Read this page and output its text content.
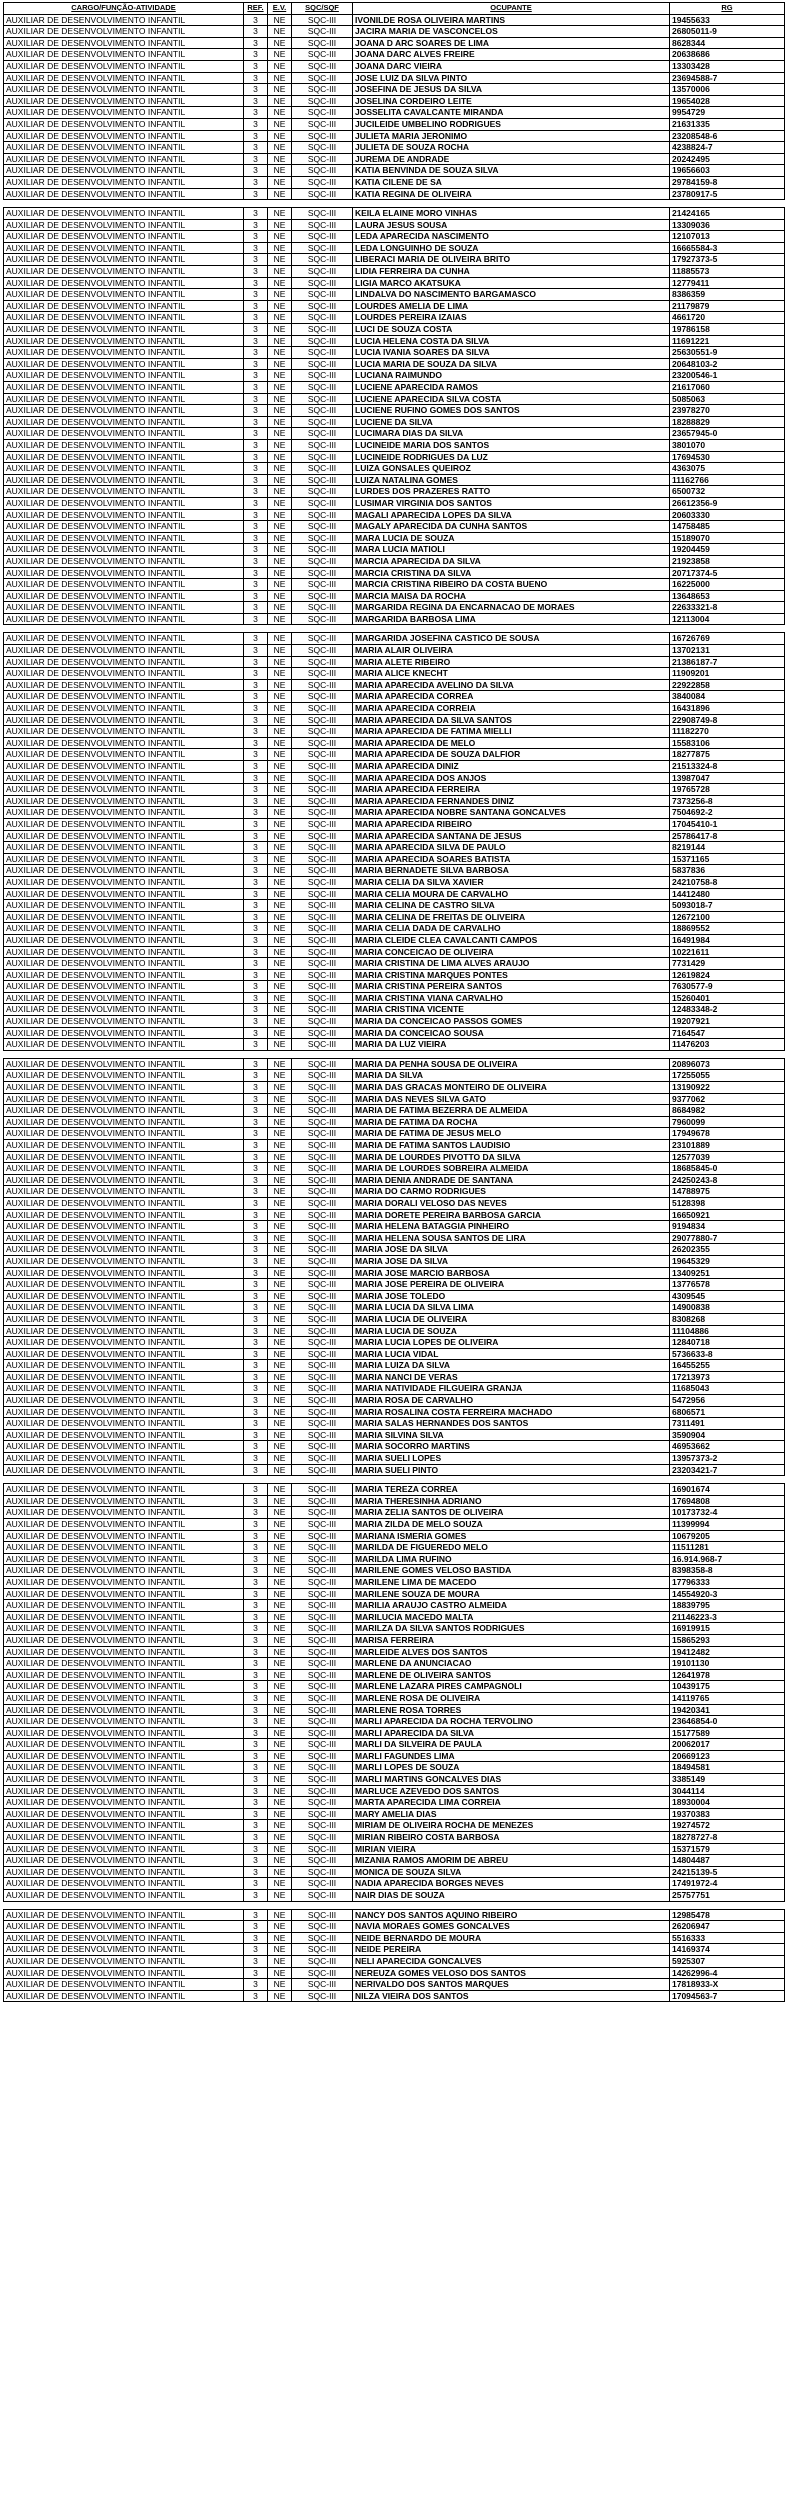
CARGO/FUNÇÃO-ATIVIDADE	REF.	E.V.	SQC/SQF	OCUPANTE	RG
AUXILIAR DE DESENVOLVIMENTO INFANTIL	3	NE	SQC-III	IVONILDE ROSA OLIVEIRA MARTINS	19455633
AUXILIAR DE DESENVOLVIMENTO INFANTIL	3	NE	SQC-III	JACIRA MARIA DE VASCONCELOS	26805011-9
AUXILIAR DE DESENVOLVIMENTO INFANTIL	3	NE	SQC-III	JOANA D ARC SOARES DE LIMA	8628344
AUXILIAR DE DESENVOLVIMENTO INFANTIL	3	NE	SQC-III	JOANA DARC ALVES FREIRE	20638686
AUXILIAR DE DESENVOLVIMENTO INFANTIL	3	NE	SQC-III	JOANA DARC VIEIRA	13303428
AUXILIAR DE DESENVOLVIMENTO INFANTIL	3	NE	SQC-III	JOSE LUIZ DA SILVA PINTO	23694588-7
AUXILIAR DE DESENVOLVIMENTO INFANTIL	3	NE	SQC-III	JOSEFINA DE JESUS DA SILVA	13570006
AUXILIAR DE DESENVOLVIMENTO INFANTIL	3	NE	SQC-III	JOSELINA CORDEIRO LEITE	19654028
AUXILIAR DE DESENVOLVIMENTO INFANTIL	3	NE	SQC-III	JOSSELITA CAVALCANTE MIRANDA	9954729
AUXILIAR DE DESENVOLVIMENTO INFANTIL	3	NE	SQC-III	JUCILEIDE UMBELINO RODRIGUES	21631335
AUXILIAR DE DESENVOLVIMENTO INFANTIL	3	NE	SQC-III	JULIETA MARIA JERONIMO	23208548-6
AUXILIAR DE DESENVOLVIMENTO INFANTIL	3	NE	SQC-III	JULIETA DE SOUZA ROCHA	4238824-7
AUXILIAR DE DESENVOLVIMENTO INFANTIL	3	NE	SQC-III	JUREMA DE ANDRADE	20242495
AUXILIAR DE DESENVOLVIMENTO INFANTIL	3	NE	SQC-III	KATIA BENVINDA DE SOUZA SILVA	19656603
AUXILIAR DE DESENVOLVIMENTO INFANTIL	3	NE	SQC-III	KATIA CILENE DE SA	29784159-8
AUXILIAR DE DESENVOLVIMENTO INFANTIL	3	NE	SQC-III	KATIA REGINA DE OLIVEIRA	23780917-5

AUXILIAR DE DESENVOLVIMENTO INFANTIL	3	NE	SQC-III	KEILA ELAINE MORO VINHAS	21424165
AUXILIAR DE DESENVOLVIMENTO INFANTIL	3	NE	SQC-III	LAURA JESUS SOUSA	13309036
AUXILIAR DE DESENVOLVIMENTO INFANTIL	3	NE	SQC-III	LEDA APARECIDA NASCIMENTO	12107013
AUXILIAR DE DESENVOLVIMENTO INFANTIL	3	NE	SQC-III	LEDA LONGUINHO DE SOUZA	16665584-3
AUXILIAR DE DESENVOLVIMENTO INFANTIL	3	NE	SQC-III	LIBERACI MARIA DE OLIVEIRA BRITO	17927373-5
AUXILIAR DE DESENVOLVIMENTO INFANTIL	3	NE	SQC-III	LIDIA FERREIRA DA CUNHA	11885573
AUXILIAR DE DESENVOLVIMENTO INFANTIL	3	NE	SQC-III	LIGIA MARCO AKATSUKA	12779411
AUXILIAR DE DESENVOLVIMENTO INFANTIL	3	NE	SQC-III	LINDALVA DO NASCIMENTO BARGAMASCO	8386359
AUXILIAR DE DESENVOLVIMENTO INFANTIL	3	NE	SQC-III	LOURDES AMELIA DE LIMA	21179879
AUXILIAR DE DESENVOLVIMENTO INFANTIL	3	NE	SQC-III	LOURDES PEREIRA IZAIAS	4661720
AUXILIAR DE DESENVOLVIMENTO INFANTIL	3	NE	SQC-III	LUCI DE SOUZA COSTA	19786158
AUXILIAR DE DESENVOLVIMENTO INFANTIL	3	NE	SQC-III	LUCIA HELENA COSTA DA SILVA	11691221
AUXILIAR DE DESENVOLVIMENTO INFANTIL	3	NE	SQC-III	LUCIA IVANIA SOARES DA SILVA	25630551-9
AUXILIAR DE DESENVOLVIMENTO INFANTIL	3	NE	SQC-III	LUCIA MARIA DE SOUZA DA SILVA	20648103-2
AUXILIAR DE DESENVOLVIMENTO INFANTIL	3	NE	SQC-III	LUCIANA RAIMUNDO	23200546-1
AUXILIAR DE DESENVOLVIMENTO INFANTIL	3	NE	SQC-III	LUCIENE APARECIDA RAMOS	21617060
AUXILIAR DE DESENVOLVIMENTO INFANTIL	3	NE	SQC-III	LUCIENE APARECIDA SILVA COSTA	5085063
AUXILIAR DE DESENVOLVIMENTO INFANTIL	3	NE	SQC-III	LUCIENE RUFINO GOMES DOS SANTOS	23978270
AUXILIAR DE DESENVOLVIMENTO INFANTIL	3	NE	SQC-III	LUCIENE DA SILVA	18288829
AUXILIAR DE DESENVOLVIMENTO INFANTIL	3	NE	SQC-III	LUCIMARA DIAS DA SILVA	23657945-0
AUXILIAR DE DESENVOLVIMENTO INFANTIL	3	NE	SQC-III	LUCINEIDE MARIA DOS SANTOS	3801070
AUXILIAR DE DESENVOLVIMENTO INFANTIL	3	NE	SQC-III	LUCINEIDE RODRIGUES DA LUZ	17694530
AUXILIAR DE DESENVOLVIMENTO INFANTIL	3	NE	SQC-III	LUIZA GONSALES QUEIROZ	4363075
AUXILIAR DE DESENVOLVIMENTO INFANTIL	3	NE	SQC-III	LUIZA NATALINA GOMES	11162766
AUXILIAR DE DESENVOLVIMENTO INFANTIL	3	NE	SQC-III	LURDES DOS PRAZERES RATTO	6500732
AUXILIAR DE DESENVOLVIMENTO INFANTIL	3	NE	SQC-III	LUSIMAR VIRGINIA DOS SANTOS	26612356-9
AUXILIAR DE DESENVOLVIMENTO INFANTIL	3	NE	SQC-III	MAGALI APARECIDA LOPES DA SILVA	20603330
AUXILIAR DE DESENVOLVIMENTO INFANTIL	3	NE	SQC-III	MAGALY APARECIDA DA CUNHA SANTOS	14758485
AUXILIAR DE DESENVOLVIMENTO INFANTIL	3	NE	SQC-III	MARA LUCIA DE SOUZA	15189070
AUXILIAR DE DESENVOLVIMENTO INFANTIL	3	NE	SQC-III	MARA LUCIA MATIOLI	19204459
AUXILIAR DE DESENVOLVIMENTO INFANTIL	3	NE	SQC-III	MARCIA APARECIDA DA SILVA	21923858
AUXILIAR DE DESENVOLVIMENTO INFANTIL	3	NE	SQC-III	MARCIA CRISTINA DA SILVA	20717374-5
AUXILIAR DE DESENVOLVIMENTO INFANTIL	3	NE	SQC-III	MARCIA CRISTINA RIBEIRO DA COSTA BUENO	16225000
AUXILIAR DE DESENVOLVIMENTO INFANTIL	3	NE	SQC-III	MARCIA MAISA DA ROCHA	13648653
AUXILIAR DE DESENVOLVIMENTO INFANTIL	3	NE	SQC-III	MARGARIDA REGINA DA ENCARNACAO DE MORAES	22633321-8
AUXILIAR DE DESENVOLVIMENTO INFANTIL	3	NE	SQC-III	MARGARIDA BARBOSA LIMA	12113004

AUXILIAR DE DESENVOLVIMENTO INFANTIL	3	NE	SQC-III	MARGARIDA JOSEFINA CASTICO DE SOUSA	16726769
AUXILIAR DE DESENVOLVIMENTO INFANTIL	3	NE	SQC-III	MARIA ALAIR OLIVEIRA	13702131
AUXILIAR DE DESENVOLVIMENTO INFANTIL	3	NE	SQC-III	MARIA ALETE RIBEIRO	21386187-7
AUXILIAR DE DESENVOLVIMENTO INFANTIL	3	NE	SQC-III	MARIA ALICE KNECHT	11909201
AUXILIAR DE DESENVOLVIMENTO INFANTIL	3	NE	SQC-III	MARIA APARECIDA AVELINO DA SILVA	22922858
AUXILIAR DE DESENVOLVIMENTO INFANTIL	3	NE	SQC-III	MARIA APARECIDA CORREA	3840084
AUXILIAR DE DESENVOLVIMENTO INFANTIL	3	NE	SQC-III	MARIA APARECIDA CORREIA	16431896
AUXILIAR DE DESENVOLVIMENTO INFANTIL	3	NE	SQC-III	MARIA APARECIDA DA SILVA SANTOS	22908749-8
AUXILIAR DE DESENVOLVIMENTO INFANTIL	3	NE	SQC-III	MARIA APARECIDA DE FATIMA MIELLI	11182270
AUXILIAR DE DESENVOLVIMENTO INFANTIL	3	NE	SQC-III	MARIA APARECIDA DE MELO	15583106
AUXILIAR DE DESENVOLVIMENTO INFANTIL	3	NE	SQC-III	MARIA APARECIDA DE SOUZA DALFIOR	18277875
AUXILIAR DE DESENVOLVIMENTO INFANTIL	3	NE	SQC-III	MARIA APARECIDA DINIZ	21513324-8
AUXILIAR DE DESENVOLVIMENTO INFANTIL	3	NE	SQC-III	MARIA APARECIDA DOS ANJOS	13987047
AUXILIAR DE DESENVOLVIMENTO INFANTIL	3	NE	SQC-III	MARIA APARECIDA FERREIRA	19765728
AUXILIAR DE DESENVOLVIMENTO INFANTIL	3	NE	SQC-III	MARIA APARECIDA FERNANDES DINIZ	7373256-8
AUXILIAR DE DESENVOLVIMENTO INFANTIL	3	NE	SQC-III	MARIA APARECIDA NOBRE SANTANA GONCALVES	7504692-2
AUXILIAR DE DESENVOLVIMENTO INFANTIL	3	NE	SQC-III	MARIA APARECIDA RIBEIRO	17045410-1
AUXILIAR DE DESENVOLVIMENTO INFANTIL	3	NE	SQC-III	MARIA APARECIDA SANTANA DE JESUS	25786417-8
AUXILIAR DE DESENVOLVIMENTO INFANTIL	3	NE	SQC-III	MARIA APARECIDA SILVA DE PAULO	8219144
AUXILIAR DE DESENVOLVIMENTO INFANTIL	3	NE	SQC-III	MARIA APARECIDA SOARES BATISTA	15371165
AUXILIAR DE DESENVOLVIMENTO INFANTIL	3	NE	SQC-III	MARIA BERNADETE SILVA BARBOSA	5837836
AUXILIAR DE DESENVOLVIMENTO INFANTIL	3	NE	SQC-III	MARIA CELIA DA SILVA XAVIER	24210758-8
AUXILIAR DE DESENVOLVIMENTO INFANTIL	3	NE	SQC-III	MARIA CELIA MOURA DE CARVALHO	14412480
AUXILIAR DE DESENVOLVIMENTO INFANTIL	3	NE	SQC-III	MARIA CELINA DE CASTRO SILVA	5093018-7
AUXILIAR DE DESENVOLVIMENTO INFANTIL	3	NE	SQC-III	MARIA CELINA DE FREITAS DE OLIVEIRA	12672100
AUXILIAR DE DESENVOLVIMENTO INFANTIL	3	NE	SQC-III	MARIA CELIA DADA DE CARVALHO	18869552
AUXILIAR DE DESENVOLVIMENTO INFANTIL	3	NE	SQC-III	MARIA CLEIDE CLEA CAVALCANTI CAMPOS	16491984
AUXILIAR DE DESENVOLVIMENTO INFANTIL	3	NE	SQC-III	MARIA CONCEICAO DE OLIVEIRA	10221611
AUXILIAR DE DESENVOLVIMENTO INFANTIL	3	NE	SQC-III	MARIA CRISTINA DE LIMA ALVES ARAUJO	7731429
AUXILIAR DE DESENVOLVIMENTO INFANTIL	3	NE	SQC-III	MARIA CRISTINA MARQUES PONTES	12619824
AUXILIAR DE DESENVOLVIMENTO INFANTIL	3	NE	SQC-III	MARIA CRISTINA PEREIRA SANTOS	7630577-9
AUXILIAR DE DESENVOLVIMENTO INFANTIL	3	NE	SQC-III	MARIA CRISTINA VIANA CARVALHO	15260401
AUXILIAR DE DESENVOLVIMENTO INFANTIL	3	NE	SQC-III	MARIA CRISTINA VICENTE	12483348-2
AUXILIAR DE DESENVOLVIMENTO INFANTIL	3	NE	SQC-III	MARIA DA CONCEICAO PASSOS GOMES	19207921
AUXILIAR DE DESENVOLVIMENTO INFANTIL	3	NE	SQC-III	MARIA DA CONCEICAO SOUSA	7164547
AUXILIAR DE DESENVOLVIMENTO INFANTIL	3	NE	SQC-III	MARIA DA LUZ VIEIRA	11476203

AUXILIAR DE DESENVOLVIMENTO INFANTIL	3	NE	SQC-III	MARIA DA PENHA SOUSA DE OLIVEIRA	20896073
AUXILIAR DE DESENVOLVIMENTO INFANTIL	3	NE	SQC-III	MARIA DA SILVA	17255055
AUXILIAR DE DESENVOLVIMENTO INFANTIL	3	NE	SQC-III	MARIA DAS GRACAS MONTEIRO DE OLIVEIRA	13190922
AUXILIAR DE DESENVOLVIMENTO INFANTIL	3	NE	SQC-III	MARIA DAS NEVES SILVA GATO	9377062
AUXILIAR DE DESENVOLVIMENTO INFANTIL	3	NE	SQC-III	MARIA DE FATIMA BEZERRA DE ALMEIDA	8684982
AUXILIAR DE DESENVOLVIMENTO INFANTIL	3	NE	SQC-III	MARIA DE FATIMA DA ROCHA	7960099
AUXILIAR DE DESENVOLVIMENTO INFANTIL	3	NE	SQC-III	MARIA DE FATIMA DE JESUS MELO	17949678
AUXILIAR DE DESENVOLVIMENTO INFANTIL	3	NE	SQC-III	MARIA DE FATIMA SANTOS LAUDISIO	23101889
AUXILIAR DE DESENVOLVIMENTO INFANTIL	3	NE	SQC-III	MARIA DE LOURDES PIVOTTO DA SILVA	12577039
AUXILIAR DE DESENVOLVIMENTO INFANTIL	3	NE	SQC-III	MARIA DE LOURDES SOBREIRA ALMEIDA	18685845-0
AUXILIAR DE DESENVOLVIMENTO INFANTIL	3	NE	SQC-III	MARIA DENIA ANDRADE DE SANTANA	24250243-8
AUXILIAR DE DESENVOLVIMENTO INFANTIL	3	NE	SQC-III	MARIA DO CARMO RODRIGUES	14788975
AUXILIAR DE DESENVOLVIMENTO INFANTIL	3	NE	SQC-III	MARIA DORALI VELOSO DAS NEVES	5128398
AUXILIAR DE DESENVOLVIMENTO INFANTIL	3	NE	SQC-III	MARIA DORETE PEREIRA BARBOSA GARCIA	16650921
AUXILIAR DE DESENVOLVIMENTO INFANTIL	3	NE	SQC-III	MARIA HELENA BATAGGIA PINHEIRO	9194834
AUXILIAR DE DESENVOLVIMENTO INFANTIL	3	NE	SQC-III	MARIA HELENA SOUSA SANTOS DE LIRA	29077880-7
AUXILIAR DE DESENVOLVIMENTO INFANTIL	3	NE	SQC-III	MARIA JOSE DA SILVA	26202355
AUXILIAR DE DESENVOLVIMENTO INFANTIL	3	NE	SQC-III	MARIA JOSE DA SILVA	19645329
AUXILIAR DE DESENVOLVIMENTO INFANTIL	3	NE	SQC-III	MARIA JOSE MARCIO BARBOSA	13409251
AUXILIAR DE DESENVOLVIMENTO INFANTIL	3	NE	SQC-III	MARIA JOSE PEREIRA DE OLIVEIRA	13776578
AUXILIAR DE DESENVOLVIMENTO INFANTIL	3	NE	SQC-III	MARIA JOSE TOLEDO	4309545
AUXILIAR DE DESENVOLVIMENTO INFANTIL	3	NE	SQC-III	MARIA LUCIA DA SILVA LIMA	14900838
AUXILIAR DE DESENVOLVIMENTO INFANTIL	3	NE	SQC-III	MARIA LUCIA DE OLIVEIRA	8308268
AUXILIAR DE DESENVOLVIMENTO INFANTIL	3	NE	SQC-III	MARIA LUCIA DE SOUZA	11104886
AUXILIAR DE DESENVOLVIMENTO INFANTIL	3	NE	SQC-III	MARIA LUCIA LOPES DE OLIVEIRA	12840718
AUXILIAR DE DESENVOLVIMENTO INFANTIL	3	NE	SQC-III	MARIA LUCIA VIDAL	5736633-8
AUXILIAR DE DESENVOLVIMENTO INFANTIL	3	NE	SQC-III	MARIA LUIZA DA SILVA	16455255
AUXILIAR DE DESENVOLVIMENTO INFANTIL	3	NE	SQC-III	MARIA NANCI DE VERAS	17213973
AUXILIAR DE DESENVOLVIMENTO INFANTIL	3	NE	SQC-III	MARIA NATIVIDADE FILGUEIRA GRANJA	11685043
AUXILIAR DE DESENVOLVIMENTO INFANTIL	3	NE	SQC-III	MARIA ROSA DE CARVALHO	5472956
AUXILIAR DE DESENVOLVIMENTO INFANTIL	3	NE	SQC-III	MARIA ROSALINA COSTA FERREIRA MACHADO	6806571
AUXILIAR DE DESENVOLVIMENTO INFANTIL	3	NE	SQC-III	MARIA SALAS HERNANDES DOS SANTOS	7311491
AUXILIAR DE DESENVOLVIMENTO INFANTIL	3	NE	SQC-III	MARIA SILVINA SILVA	3590904
AUXILIAR DE DESENVOLVIMENTO INFANTIL	3	NE	SQC-III	MARIA SOCORRO MARTINS	46953662
AUXILIAR DE DESENVOLVIMENTO INFANTIL	3	NE	SQC-III	MARIA SUELI LOPES	13957373-2
AUXILIAR DE DESENVOLVIMENTO INFANTIL	3	NE	SQC-III	MARIA SUELI PINTO	23203421-7

AUXILIAR DE DESENVOLVIMENTO INFANTIL	3	NE	SQC-III	MARIA TEREZA CORREA	16901674
AUXILIAR DE DESENVOLVIMENTO INFANTIL	3	NE	SQC-III	MARIA THERESINHA ADRIANO	17694808
AUXILIAR DE DESENVOLVIMENTO INFANTIL	3	NE	SQC-III	MARIA ZELIA SANTOS DE OLIVEIRA	10173732-4
AUXILIAR DE DESENVOLVIMENTO INFANTIL	3	NE	SQC-III	MARIA ZILDA DE MELO SOUZA	11399994
AUXILIAR DE DESENVOLVIMENTO INFANTIL	3	NE	SQC-III	MARIANA ISMERIA GOMES	10679205
AUXILIAR DE DESENVOLVIMENTO INFANTIL	3	NE	SQC-III	MARILDA DE FIGUEREDO MELO	11511281
AUXILIAR DE DESENVOLVIMENTO INFANTIL	3	NE	SQC-III	MARILDA LIMA RUFINO	16.914.968-7
AUXILIAR DE DESENVOLVIMENTO INFANTIL	3	NE	SQC-III	MARILENE GOMES VELOSO BASTIDA	8398358-8
AUXILIAR DE DESENVOLVIMENTO INFANTIL	3	NE	SQC-III	MARILENE LIMA DE MACEDO	17796333
AUXILIAR DE DESENVOLVIMENTO INFANTIL	3	NE	SQC-III	MARILENE SOUZA DE MOURA	14554920-3
AUXILIAR DE DESENVOLVIMENTO INFANTIL	3	NE	SQC-III	MARILIA ARAUJO CASTRO ALMEIDA	18839795
AUXILIAR DE DESENVOLVIMENTO INFANTIL	3	NE	SQC-III	MARILUCIA MACEDO MALTA	21146223-3
AUXILIAR DE DESENVOLVIMENTO INFANTIL	3	NE	SQC-III	MARILZA DA SILVA SANTOS RODRIGUES	16919915
AUXILIAR DE DESENVOLVIMENTO INFANTIL	3	NE	SQC-III	MARISA FERREIRA	15865293
AUXILIAR DE DESENVOLVIMENTO INFANTIL	3	NE	SQC-III	MARLEIDE ALVES DOS SANTOS	19412482
AUXILIAR DE DESENVOLVIMENTO INFANTIL	3	NE	SQC-III	MARLENE DA ANUNCIACAO	19101130
AUXILIAR DE DESENVOLVIMENTO INFANTIL	3	NE	SQC-III	MARLENE DE OLIVEIRA SANTOS	12641978
AUXILIAR DE DESENVOLVIMENTO INFANTIL	3	NE	SQC-III	MARLENE LAZARA PIRES CAMPAGNOLI	10439175
AUXILIAR DE DESENVOLVIMENTO INFANTIL	3	NE	SQC-III	MARLENE ROSA DE OLIVEIRA	14119765
AUXILIAR DE DESENVOLVIMENTO INFANTIL	3	NE	SQC-III	MARLENE ROSA TORRES	19420341
AUXILIAR DE DESENVOLVIMENTO INFANTIL	3	NE	SQC-III	MARLI APARECIDA DA ROCHA TERVOLINO	23646854-0
AUXILIAR DE DESENVOLVIMENTO INFANTIL	3	NE	SQC-III	MARLI APARECIDA DA SILVA	15177589
AUXILIAR DE DESENVOLVIMENTO INFANTIL	3	NE	SQC-III	MARLI DA SILVEIRA DE PAULA	20062017
AUXILIAR DE DESENVOLVIMENTO INFANTIL	3	NE	SQC-III	MARLI FAGUNDES LIMA	20669123
AUXILIAR DE DESENVOLVIMENTO INFANTIL	3	NE	SQC-III	MARLI LOPES DE SOUZA	18494581
AUXILIAR DE DESENVOLVIMENTO INFANTIL	3	NE	SQC-III	MARLI MARTINS GONCALVES DIAS	3385149
AUXILIAR DE DESENVOLVIMENTO INFANTIL	3	NE	SQC-III	MARLUCE AZEVEDO DOS SANTOS	3044114
AUXILIAR DE DESENVOLVIMENTO INFANTIL	3	NE	SQC-III	MARTA APARECIDA LIMA CORREIA	18930004
AUXILIAR DE DESENVOLVIMENTO INFANTIL	3	NE	SQC-III	MARY AMELIA DIAS	19370383
AUXILIAR DE DESENVOLVIMENTO INFANTIL	3	NE	SQC-III	MIRIAM DE OLIVEIRA ROCHA DE MENEZES	19274572
AUXILIAR DE DESENVOLVIMENTO INFANTIL	3	NE	SQC-III	MIRIAN RIBEIRO COSTA BARBOSA	18278727-8
AUXILIAR DE DESENVOLVIMENTO INFANTIL	3	NE	SQC-III	MIRIAN VIEIRA	15371579
AUXILIAR DE DESENVOLVIMENTO INFANTIL	3	NE	SQC-III	MIZANIA RAMOS AMORIM DE ABREU	14804487
AUXILIAR DE DESENVOLVIMENTO INFANTIL	3	NE	SQC-III	MONICA DE SOUZA SILVA	24215139-5
AUXILIAR DE DESENVOLVIMENTO INFANTIL	3	NE	SQC-III	NADIA APARECIDA BORGES NEVES	17491972-4
AUXILIAR DE DESENVOLVIMENTO INFANTIL	3	NE	SQC-III	NAIR DIAS DE SOUZA	25757751

AUXILIAR DE DESENVOLVIMENTO INFANTIL	3	NE	SQC-III	NANCY DOS SANTOS AQUINO RIBEIRO	12985478
AUXILIAR DE DESENVOLVIMENTO INFANTIL	3	NE	SQC-III	NAVIA MORAES GOMES GONCALVES	26206947
AUXILIAR DE DESENVOLVIMENTO INFANTIL	3	NE	SQC-III	NEIDE BERNARDO DE MOURA	5516333
AUXILIAR DE DESENVOLVIMENTO INFANTIL	3	NE	SQC-III	NEIDE PEREIRA	14169374
AUXILIAR DE DESENVOLVIMENTO INFANTIL	3	NE	SQC-III	NELI APARECIDA GONCALVES	5925307
AUXILIAR DE DESENVOLVIMENTO INFANTIL	3	NE	SQC-III	NEREUZA GOMES VELOSO DOS SANTOS	14262996-4
AUXILIAR DE DESENVOLVIMENTO INFANTIL	3	NE	SQC-III	NERIVALDO DOS SANTOS MARQUES	17818933-X
AUXILIAR DE DESENVOLVIMENTO INFANTIL	3	NE	SQC-III	NILZA VIEIRA DOS SANTOS	17094563-7
